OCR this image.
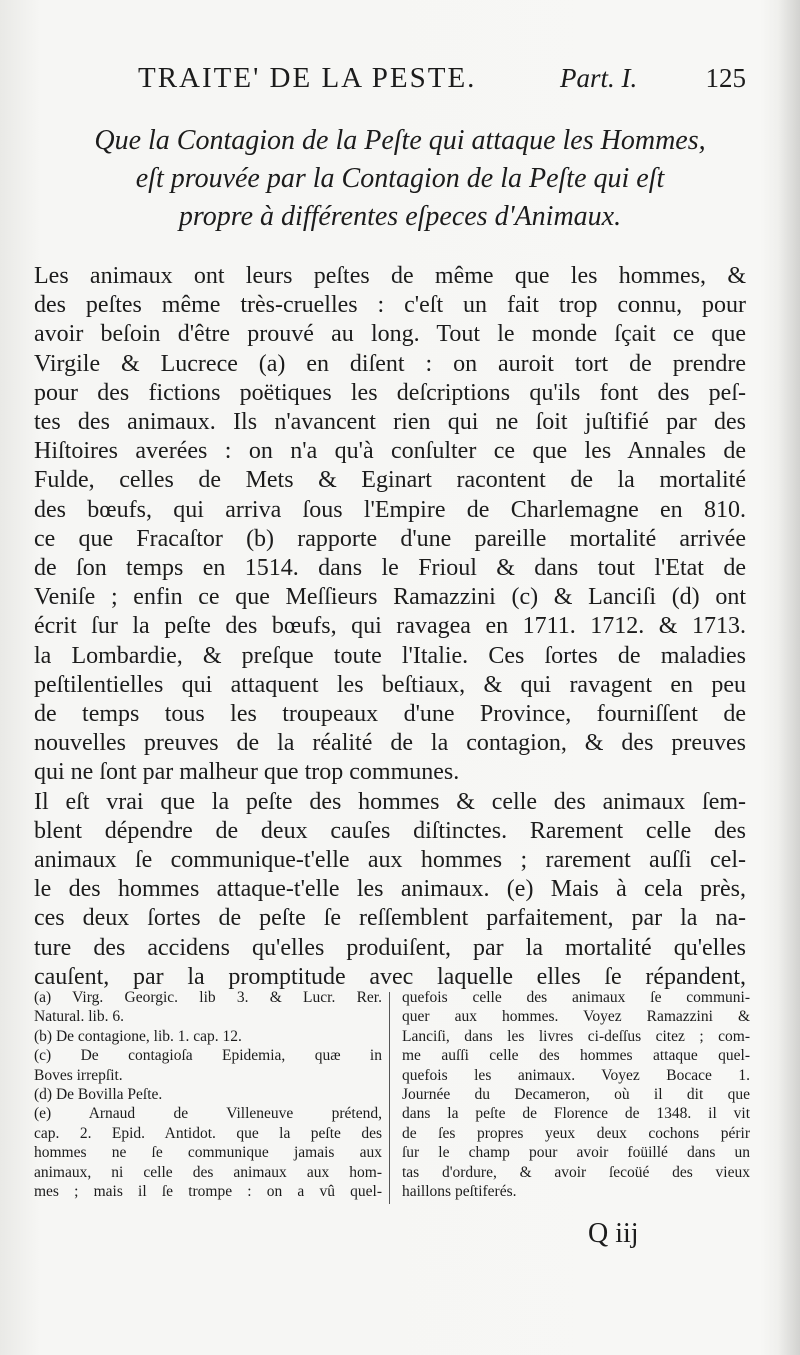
TRAITE' DE LA PESTE.	Part. I.	125
Que la Contagion de la Peſte qui attaque les Hommes,
eſt prouvée par la Contagion de la Peſte qui eſt
propre à différentes eſpeces d'Animaux.

Les animaux ont leurs peſtes de même que les hommes, &
des peſtes même très-cruelles : c'eſt un fait trop connu, pour
avoir beſoin d'être prouvé au long. Tout le monde ſçait ce que
Virgile & Lucrece (a) en diſent : on auroit tort de prendre
pour des fictions poëtiques les deſcriptions qu'ils font des peſ-
tes des animaux. Ils n'avancent rien qui ne ſoit juſtifié par des
Hiſtoires averées : on n'a qu'à conſulter ce que les Annales de
Fulde, celles de Mets & Eginart racontent de la mortalité
des bœufs, qui arriva ſous l'Empire de Charlemagne en 810.
ce que Fracaſtor (b) rapporte d'une pareille mortalité arrivée
de ſon temps en 1514. dans le Frioul & dans tout l'Etat de
Veniſe ; enfin ce que Meſſieurs Ramazzini (c) & Lanciſi (d) ont
écrit ſur la peſte des bœufs, qui ravagea en 1711. 1712. & 1713.
la Lombardie, & preſque toute l'Italie. Ces ſortes de maladies
peſtilentielles qui attaquent les beſtiaux, & qui ravagent en peu
de temps tous les troupeaux d'une Province, fourniſſent de
nouvelles preuves de la réalité de la contagion, & des preuves
qui ne ſont par malheur que trop communes.

Il eſt vrai que la peſte des hommes & celle des animaux ſem-
blent dépendre de deux cauſes diſtinctes. Rarement celle des
animaux ſe communique-t'elle aux hommes ; rarement auſſi cel-
le des hommes attaque-t'elle les animaux. (e) Mais à cela près,
ces deux ſortes de peſte ſe reſſemblent parfaitement, par la na-
ture des accidens qu'elles produiſent, par la mortalité qu'elles
cauſent, par la promptitude avec laquelle elles ſe répandent,

(a) Virg. Georgic. lib 3. & Lucr. Rer.
Natural. lib. 6.
(b) De contagione, lib. 1. cap. 12.
(c) De contagioſa Epidemia, quæ in
Boves irrepſit.
(d) De Bovilla Peſte.
(e) Arnaud de Villeneuve prétend,
cap. 2. Epid. Antidot. que la peſte des
hommes ne ſe communique jamais aux
animaux, ni celle des animaux aux hom-
mes ; mais il ſe trompe : on a vû quel-
quefois celle des animaux ſe communi-
quer aux hommes. Voyez Ramazzini &
Lanciſi, dans les livres ci-deſſus citez ; com-
me auſſi celle des hommes attaque quel-
quefois les animaux. Voyez Bocace 1.
Journée du Decameron, où il dit que
dans la peſte de Florence de 1348. il vit
de ſes propres yeux deux cochons périr
ſur le champ pour avoir foüillé dans un
tas d'ordure, & avoir ſecoüé des vieux
haillons peſtiferés.
Q iij
